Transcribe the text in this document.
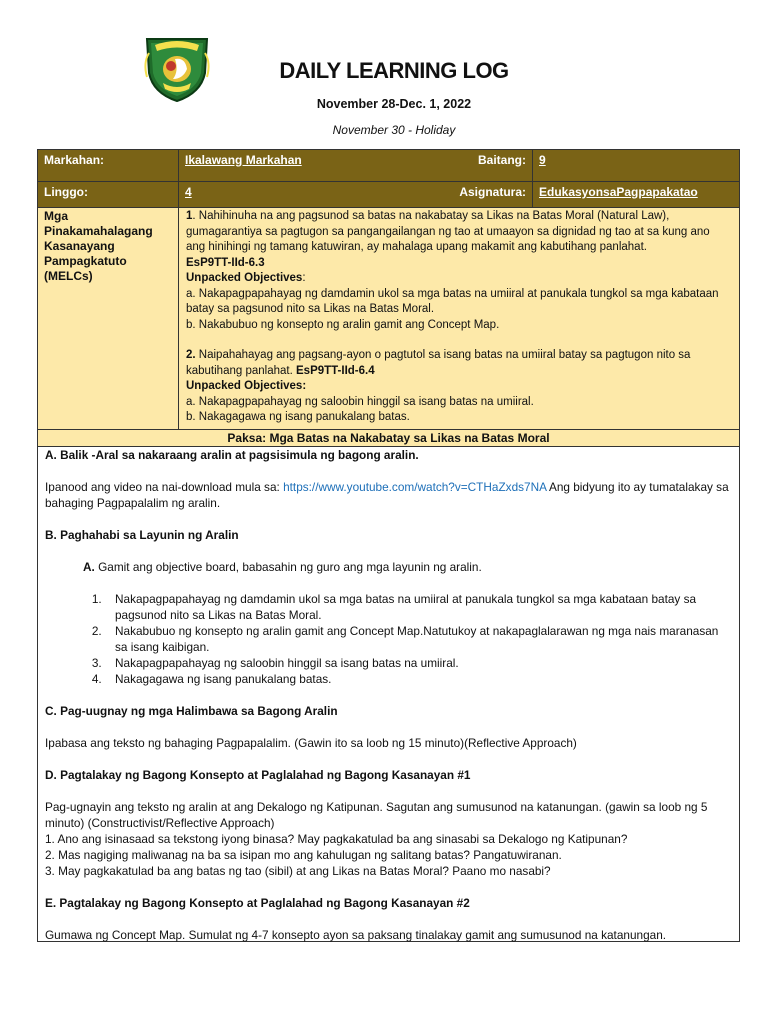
DAILY LEARNING LOG
November 28-Dec. 1, 2022
November 30 - Holiday
Markahan:	Ikalawang Markahan	Baitang:	9
Linggo:	4	Asignatura:	EdukasyonsaPagpapakatao
Mga Pinakamahalagang Kasanayang Pampagkatuto (MELCs)
1. Nahihinuha na ang pagsunod sa batas na nakabatay sa Likas na Batas Moral (Natural Law), gumagarantiya sa pagtugon sa pangangailangan ng tao at umaayon sa dignidad ng tao at sa kung ano ang hinihingi ng tamang katuwiran, ay mahalaga upang makamit ang kabutihang panlahat.
EsP9TT-IId-6.3
Unpacked Objectives:
a. Nakapagpapahayag ng damdamin ukol sa mga batas na umiiral at panukala tungkol sa mga kabataan batay sa pagsunod nito sa Likas na Batas Moral.
b. Nakabubuo ng konsepto ng aralin gamit ang Concept Map.
2. Naipahahayag ang pagsang-ayon o pagtutol sa isang batas na umiiral batay sa pagtugon nito sa kabutihang panlahat. EsP9TT-IId-6.4
Unpacked Objectives:
a. Nakapagpapahayag ng saloobin hinggil sa isang batas na umiiral.
b. Nakagagawa ng isang panukalang batas.
Paksa: Mga Batas na Nakabatay sa Likas na Batas Moral

A. Balik -Aral sa nakaraang aralin at pagsisimula ng bagong aralin.

Ipanood ang video na nai-download mula sa: https://www.youtube.com/watch?v=CTHaZxds7NA Ang bidyung ito ay tumatalakay sa bahaging Pagpapalalim ng aralin.

B. Paghahabi sa Layunin ng Aralin

A. Gamit ang objective board, babasahin ng guro ang mga layunin ng aralin.

1. Nakapagpapahayag ng damdamin ukol sa mga batas na umiiral at panukala tungkol sa mga kabataan batay sa pagsunod nito sa Likas na Batas Moral.
2. Nakabubuo ng konsepto ng aralin gamit ang Concept Map.Natutukoy at nakapaglalarawan ng mga nais maranasan sa isang kaibigan.
3. Nakapagpapahayag ng saloobin hinggil sa isang batas na umiiral.
4. Nakagagawa ng isang panukalang batas.

C. Pag-uugnay ng mga Halimbawa sa Bagong Aralin

Ipabasa ang teksto ng bahaging Pagpapalalim. (Gawin ito sa loob ng 15 minuto)(Reflective Approach)

D. Pagtalakay ng Bagong Konsepto at Paglalahad ng Bagong Kasanayan #1

Pag-ugnayin ang teksto ng aralin at ang Dekalogo ng Katipunan. Sagutan ang sumusunod na katanungan. (gawin sa loob ng 5 minuto) (Constructivist/Reflective Approach)

1. Ano ang isinasaad sa tekstong iyong binasa? May pagkakatulad ba ang sinasabi sa Dekalogo ng Katipunan?

2. Mas nagiging maliwanag na ba sa isipan mo ang kahulugan ng salitang batas? Pangatuwiranan.

3. May pagkakatulad ba ang batas ng tao (sibil) at ang Likas na Batas Moral? Paano mo nasabi?

E. Pagtalakay ng Bagong Konsepto at Paglalahad ng Bagong Kasanayan #2

Gumawa ng Concept Map. Sumulat ng 4-7 konsepto ayon sa paksang tinalakay gamit ang sumusunod na katanungan.
